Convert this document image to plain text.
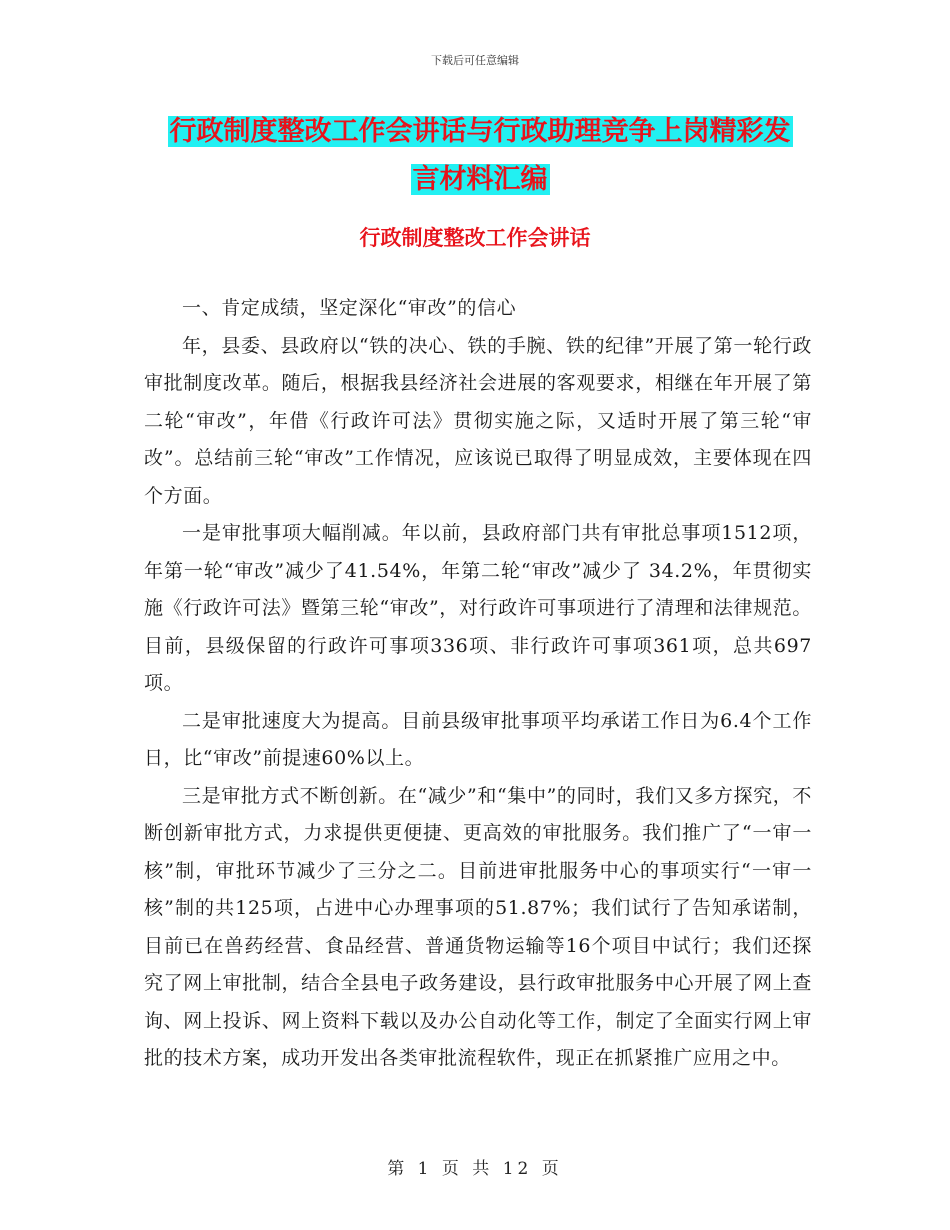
下载后可任意编辑
行政制度整改工作会讲话与行政助理竞争上岗精彩发
言材料汇编
行政制度整改工作会讲话

一、肯定成绩，坚定深化“审改”的信心

年，县委、县政府以“铁的决心、铁的手腕、铁的纪律”开展了第一轮行政审批制度改革。随后，根据我县经济社会进展的客观要求，相继在年开展了第二轮“审改”，年借《行政许可法》贯彻实施之际，又适时开展了第三轮“审改”。总结前三轮“审改”工作情况，应该说已取得了明显成效，主要体现在四个方面。

一是审批事项大幅削减。年以前，县政府部门共有审批总事项1512项，年第一轮“审改”减少了41.54%，年第二轮“审改”减少了 34.2%，年贯彻实施《行政许可法》暨第三轮“审改”，对行政许可事项进行了清理和法律规范。目前，县级保留的行政许可事项336项、非行政许可事项361项，总共697项。

二是审批速度大为提高。目前县级审批事项平均承诺工作日为6.4个工作日，比“审改”前提速60%以上。

三是审批方式不断创新。在“减少”和“集中”的同时，我们又多方探究，不断创新审批方式，力求提供更便捷、更高效的审批服务。我们推广了“一审一核”制，审批环节减少了三分之二。目前进审批服务中心的事项实行“一审一核”制的共125项，占进中心办理事项的51.87%；我们试行了告知承诺制，目前已在兽药经营、食品经营、普通货物运输等16个项目中试行；我们还探究了网上审批制，结合全县电子政务建设，县行政审批服务中心开展了网上查询、网上投诉、网上资料下载以及办公自动化等工作，制定了全面实行网上审批的技术方案，成功开发出各类审批流程软件，现正在抓紧推广应用之中。

第 1 页 共 12 页
